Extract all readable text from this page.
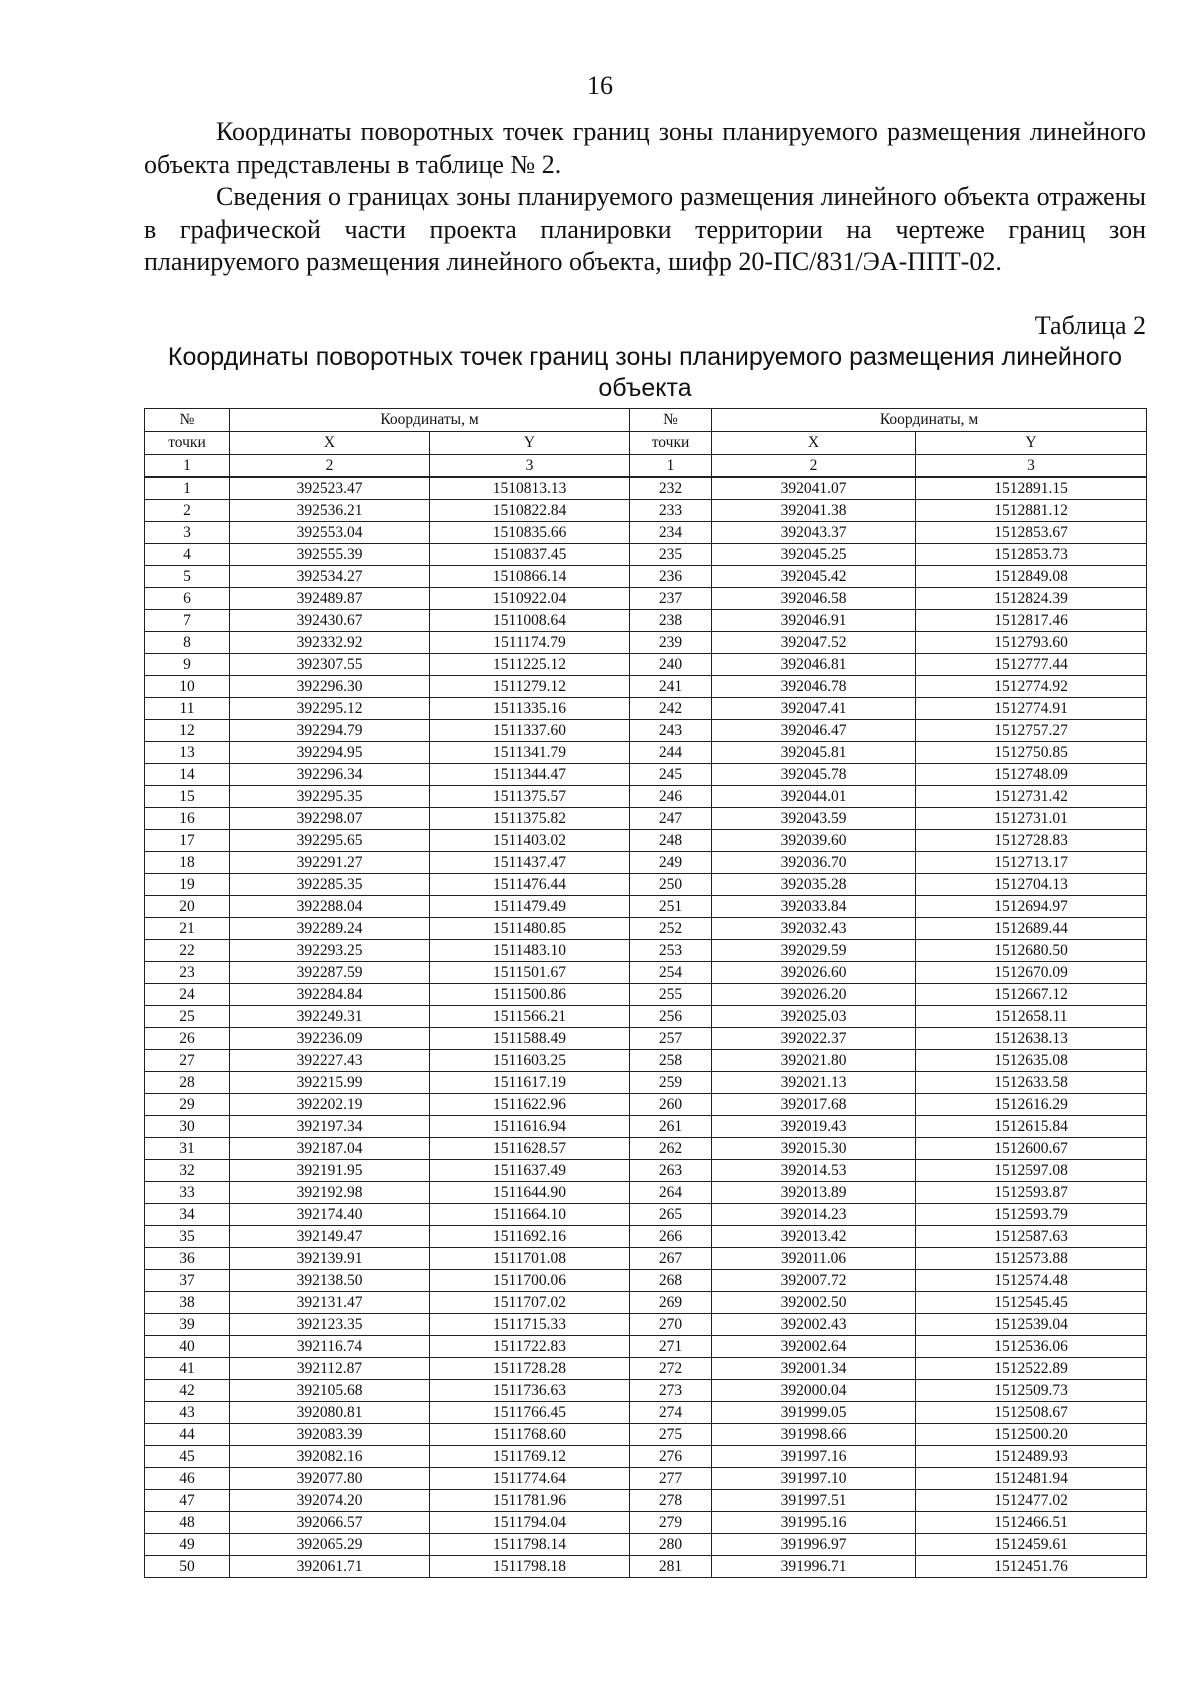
16
Координаты поворотных точек границ зоны планируемого размещения линейного объекта представлены в таблице № 2.
Сведения о границах зоны планируемого размещения линейного объекта отражены в графической части проекта планировки территории на чертеже границ зон планируемого размещения линейного объекта, шифр 20-ПС/831/ЭА-ППТ-02.
Таблица 2
Координаты поворотных точек границ зоны планируемого размещения линейного объекта
№	Координаты, м		№	Координаты, м	
точки	X	Y	точки	X	Y
1	2	3	1	2	3
1	392523.47	1510813.13	232	392041.07	1512891.15
2	392536.21	1510822.84	233	392041.38	1512881.12
3	392553.04	1510835.66	234	392043.37	1512853.67
4	392555.39	1510837.45	235	392045.25	1512853.73
5	392534.27	1510866.14	236	392045.42	1512849.08
6	392489.87	1510922.04	237	392046.58	1512824.39
7	392430.67	1511008.64	238	392046.91	1512817.46
8	392332.92	1511174.79	239	392047.52	1512793.60
9	392307.55	1511225.12	240	392046.81	1512777.44
10	392296.30	1511279.12	241	392046.78	1512774.92
11	392295.12	1511335.16	242	392047.41	1512774.91
12	392294.79	1511337.60	243	392046.47	1512757.27
13	392294.95	1511341.79	244	392045.81	1512750.85
14	392296.34	1511344.47	245	392045.78	1512748.09
15	392295.35	1511375.57	246	392044.01	1512731.42
16	392298.07	1511375.82	247	392043.59	1512731.01
17	392295.65	1511403.02	248	392039.60	1512728.83
18	392291.27	1511437.47	249	392036.70	1512713.17
19	392285.35	1511476.44	250	392035.28	1512704.13
20	392288.04	1511479.49	251	392033.84	1512694.97
21	392289.24	1511480.85	252	392032.43	1512689.44
22	392293.25	1511483.10	253	392029.59	1512680.50
23	392287.59	1511501.67	254	392026.60	1512670.09
24	392284.84	1511500.86	255	392026.20	1512667.12
25	392249.31	1511566.21	256	392025.03	1512658.11
26	392236.09	1511588.49	257	392022.37	1512638.13
27	392227.43	1511603.25	258	392021.80	1512635.08
28	392215.99	1511617.19	259	392021.13	1512633.58
29	392202.19	1511622.96	260	392017.68	1512616.29
30	392197.34	1511616.94	261	392019.43	1512615.84
31	392187.04	1511628.57	262	392015.30	1512600.67
32	392191.95	1511637.49	263	392014.53	1512597.08
33	392192.98	1511644.90	264	392013.89	1512593.87
34	392174.40	1511664.10	265	392014.23	1512593.79
35	392149.47	1511692.16	266	392013.42	1512587.63
36	392139.91	1511701.08	267	392011.06	1512573.88
37	392138.50	1511700.06	268	392007.72	1512574.48
38	392131.47	1511707.02	269	392002.50	1512545.45
39	392123.35	1511715.33	270	392002.43	1512539.04
40	392116.74	1511722.83	271	392002.64	1512536.06
41	392112.87	1511728.28	272	392001.34	1512522.89
42	392105.68	1511736.63	273	392000.04	1512509.73
43	392080.81	1511766.45	274	391999.05	1512508.67
44	392083.39	1511768.60	275	391998.66	1512500.20
45	392082.16	1511769.12	276	391997.16	1512489.93
46	392077.80	1511774.64	277	391997.10	1512481.94
47	392074.20	1511781.96	278	391997.51	1512477.02
48	392066.57	1511794.04	279	391995.16	1512466.51
49	392065.29	1511798.14	280	391996.97	1512459.61
50	392061.71	1511798.18	281	391996.71	1512451.76
